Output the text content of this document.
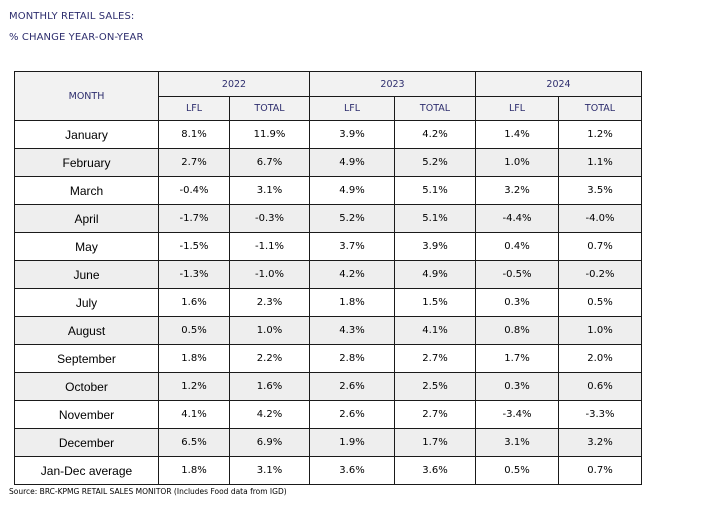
MONTHLY RETAIL SALES:
% CHANGE YEAR-ON-YEAR
MONTH	2022		2023		2024	
	LFL	TOTAL	LFL	TOTAL	LFL	TOTAL
January	8.1%	11.9%	3.9%	4.2%	1.4%	1.2%
February	2.7%	6.7%	4.9%	5.2%	1.0%	1.1%
March	-0.4%	3.1%	4.9%	5.1%	3.2%	3.5%
April	-1.7%	-0.3%	5.2%	5.1%	-4.4%	-4.0%
May	-1.5%	-1.1%	3.7%	3.9%	0.4%	0.7%
June	-1.3%	-1.0%	4.2%	4.9%	-0.5%	-0.2%
July	1.6%	2.3%	1.8%	1.5%	0.3%	0.5%
August	0.5%	1.0%	4.3%	4.1%	0.8%	1.0%
September	1.8%	2.2%	2.8%	2.7%	1.7%	2.0%
October	1.2%	1.6%	2.6%	2.5%	0.3%	0.6%
November	4.1%	4.2%	2.6%	2.7%	-3.4%	-3.3%
December	6.5%	6.9%	1.9%	1.7%	3.1%	3.2%
Jan-Dec average	1.8%	3.1%	3.6%	3.6%	0.5%	0.7%
Source: BRC-KPMG RETAIL SALES MONITOR (Includes Food data from IGD)
